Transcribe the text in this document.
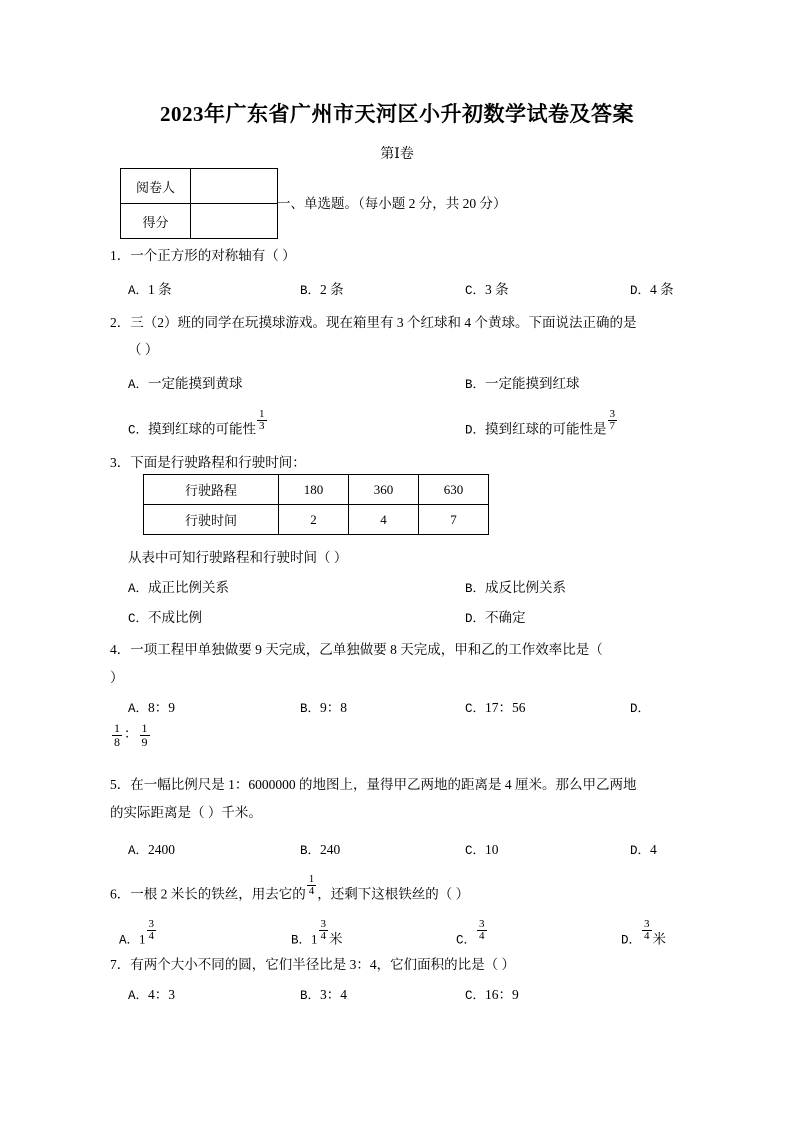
2023年广东省广州市天河区小升初数学试卷及答案
第Ⅰ卷
阅卷人	
得分	
一、单选题。（每小题 2 分，共 20 分）
1．一个正方形的对称轴有（ ）
A．1 条	B．2 条	C．3 条	D．4 条
2．三（2）班的同学在玩摸球游戏。现在箱里有 3 个红球和 4 个黄球。下面说法正确的是
（ ）
A．一定能摸到黄球	B．一定能摸到红球
C．摸到红球的可能性 $\frac{1}{3}$	D．摸到红球的可能性是 $\frac{3}{7}$
3．下面是行驶路程和行驶时间：
行驶路程	180	360	630
行驶时间	2	4	7
从表中可知行驶路程和行驶时间（ ）
A．成正比例关系	B．成反比例关系
C．不成比例	D．不确定
4．一项工程甲单独做要 9 天完成，乙单独做要 8 天完成，甲和乙的工作效率比是（
）
A．8：9	B．9：8	C．17：56	D．
$\frac{1}{8}$ ： $\frac{1}{9}$
5．在一幅比例尺是 1：6000000 的地图上，量得甲乙两地的距离是 4 厘米。那么甲乙两地
的实际距离是（ ）千米。
A．2400	B．240	C．10	D．4
6．一根 2 米长的铁丝，用去它的 $\frac{1}{4}$ ，还剩下这根铁丝的（ ）
A．$1 \frac{3}{4}$	B．$1 \frac{3}{4}$ 米	C． $\frac{3}{4}$	D． $\frac{3}{4}$ 米
7．有两个大小不同的圆，它们半径比是 3：4，它们面积的比是（ ）
A．4：3	B．3：4	C．16：9
